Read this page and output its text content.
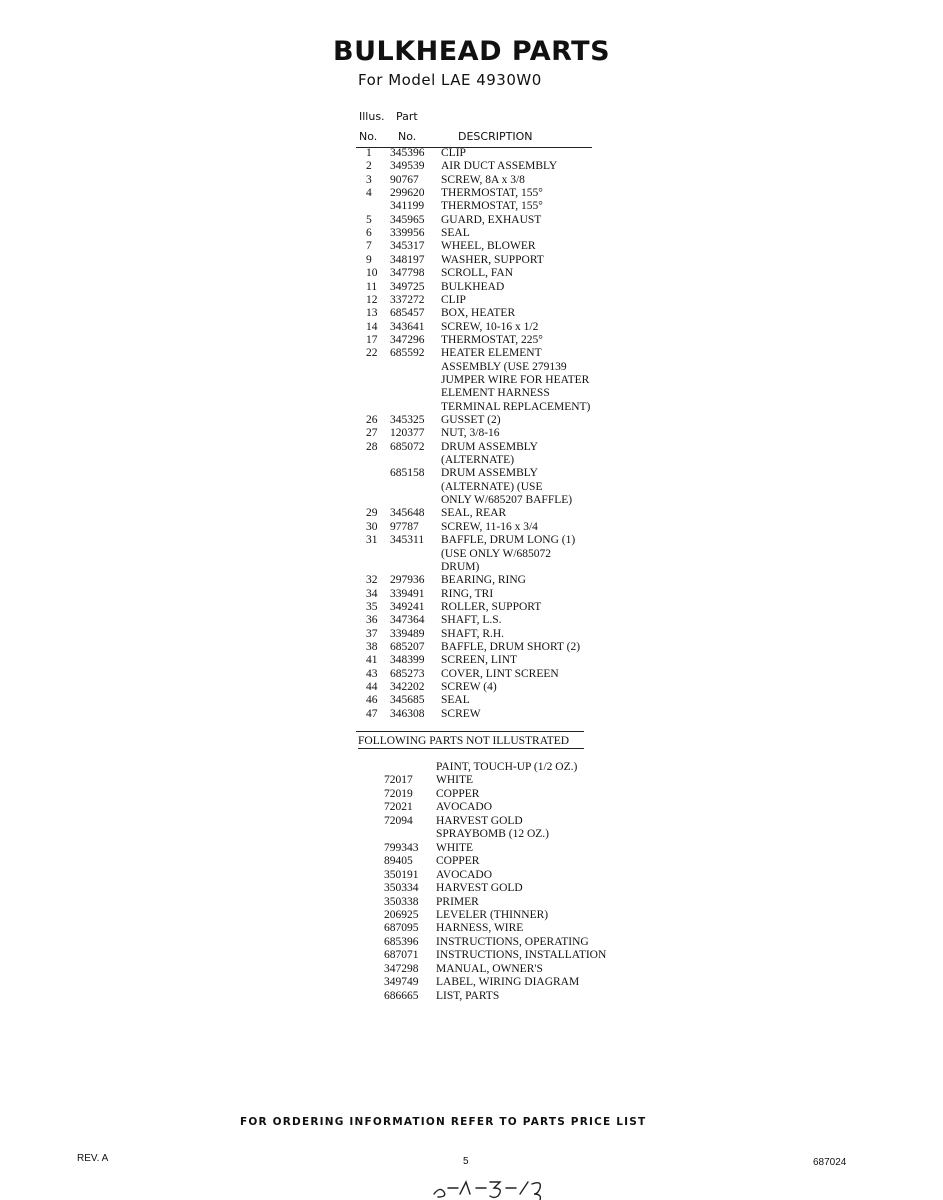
BULKHEAD PARTS
For Model LAE 4930W0
Illus. Part
No. No.	DESCRIPTION
1	345396 CLIP
2	349539 AIR DUCT ASSEMBLY
3	90767 SCREW, 8A x 3/8
4	299620 THERMOSTAT, 155°
341199 THERMOSTAT, 155°
5	345965 GUARD, EXHAUST
6	339956 SEAL
7	345317 WHEEL, BLOWER
9	348197 WASHER, SUPPORT
10	347798 SCROLL, FAN
11	349725 BULKHEAD
12	337272 CLIP
13	685457 BOX, HEATER
14	343641 SCREW, 10-16 x 1/2
17	347296 THERMOSTAT, 225°
22	685592 HEATER ELEMENT
ASSEMBLY (USE 279139
JUMPER WIRE FOR HEATER
ELEMENT HARNESS
TERMINAL REPLACEMENT)
26	345325 GUSSET (2)
27	120377 NUT, 3/8-16
28	685072 DRUM ASSEMBLY
(ALTERNATE)
685158 DRUM ASSEMBLY
(ALTERNATE) (USE
ONLY W/685207 BAFFLE)
29	345648 SEAL, REAR
30	97787 SCREW, 11-16 x 3/4
31	345311 BAFFLE, DRUM LONG (1)
(USE ONLY W/685072
DRUM)
32	297936 BEARING, RING
34	339491 RING, TRI
35	349241 ROLLER, SUPPORT
36	347364 SHAFT, L.S.
37	339489 SHAFT, R.H.
38	685207 BAFFLE, DRUM SHORT (2)
41	348399 SCREEN, LINT
43	685273 COVER, LINT SCREEN
44	342202 SCREW (4)
46	345685 SEAL
47	346308 SCREW
FOLLOWING PARTS NOT ILLUSTRATED
PAINT, TOUCH-UP (1/2 OZ.)
72017 WHITE
72019 COPPER
72021 AVOCADO
72094 HARVEST GOLD
SPRAYBOMB (12 OZ.)
799343 WHITE
89405 COPPER
350191 AVOCADO
350334 HARVEST GOLD
350338 PRIMER
206925 LEVELER (THINNER)
687095 HARNESS, WIRE
685396 INSTRUCTIONS, OPERATING
687071 INSTRUCTIONS, INSTALLATION
347298 MANUAL, OWNER'S
349749 LABEL, WIRING DIAGRAM
686665 LIST, PARTS
FOR ORDERING INFORMATION REFER TO PARTS PRICE LIST
REV. A	5	687024
